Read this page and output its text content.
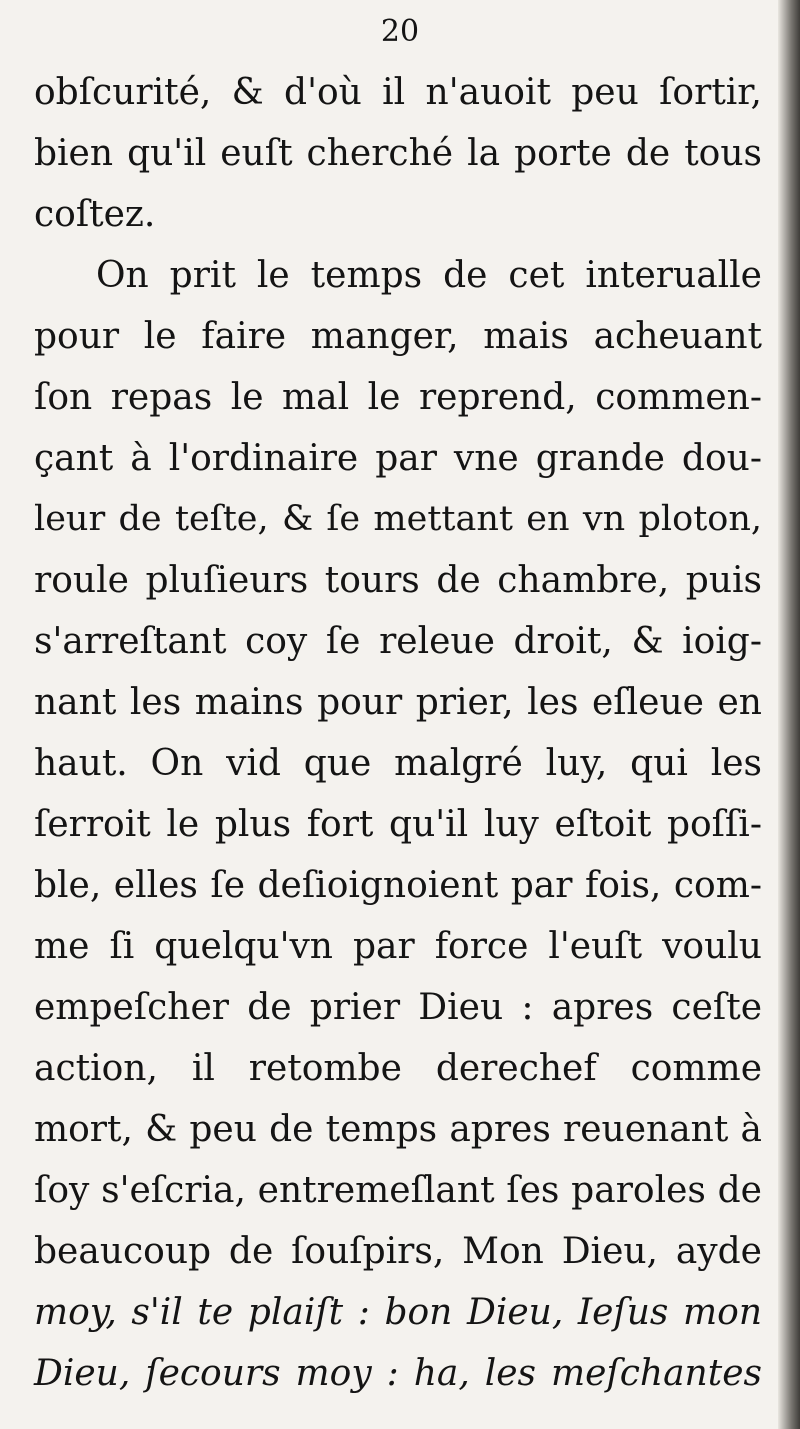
20
obſcurité, & d'où il n'auoit peu ſortir,
bien qu'il euſt cherché la porte de tous
coſtez.
On prit le temps de cet interualle
pour le faire manger, mais acheuant
ſon repas le mal le reprend, commen-
çant à l'ordinaire par vne grande dou-
leur de teſte, & ſe mettant en vn ploton,
roule pluſieurs tours de chambre, puis
s'arreſtant coy ſe releue droit, & ioig-
nant les mains pour prier, les eſleue en
haut. On vid que malgré luy, qui les
ſerroit le plus fort qu'il luy eſtoit poſſi-
ble, elles ſe deſioignoient par fois, com-
me ſi quelqu'vn par force l'euſt voulu
empeſcher de prier Dieu : apres ceſte
action, il retombe derechef comme
mort, & peu de temps apres reuenant à
ſoy s'eſcria, entremeſlant ſes paroles de
beaucoup de ſouſpirs, Mon Dieu, ayde
moy, s'il te plaiſt : bon Dieu, Ieſus mon
Dieu, ſecours moy : ha, les meſchantes
